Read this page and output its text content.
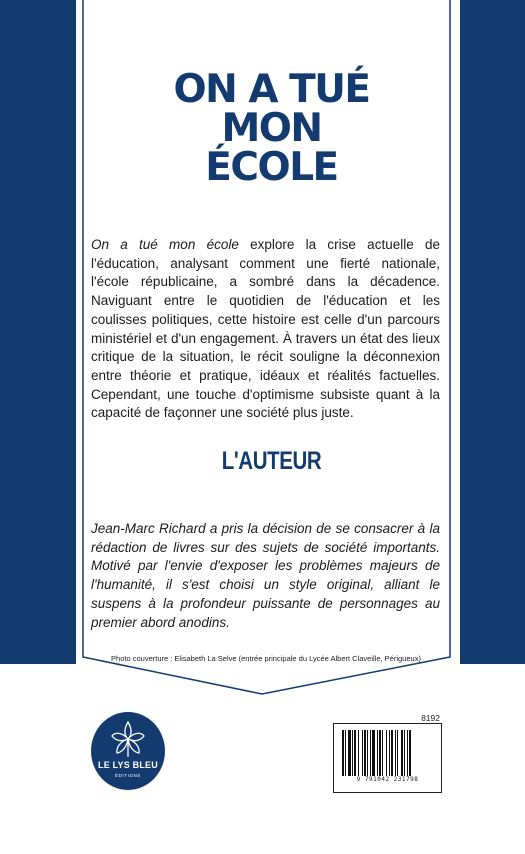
ON A TUÉ
MON
ÉCOLE

On a tué mon école explore la crise actuelle de l'éducation, analysant comment une fierté nationale, l'école républicaine, a sombré dans la décadence. Naviguant entre le quotidien de l'éducation et les coulisses politiques, cette histoire est celle d'un parcours ministériel et d'un engagement. À travers un état des lieux critique de la situation, le récit souligne la déconnexion entre théorie et pratique, idéaux et réalités factuelles. Cependant, une touche d'optimisme subsiste quant à la capacité de façonner une société plus juste.

L'AUTEUR

Jean-Marc Richard a pris la décision de se consacrer à la rédaction de livres sur des sujets de société importants. Motivé par l'envie d'exposer les problèmes majeurs de l'humanité, il s'est choisi un style original, alliant le suspens à la profondeur puissante de personnages au premier abord anodins.

Photo couverture : Elisabeth La Selve (entrée principale du Lycée Albert Claveille, Périgueux)
LE LYS BLEU
ÉDITIONS
8192
9 791042 231798
